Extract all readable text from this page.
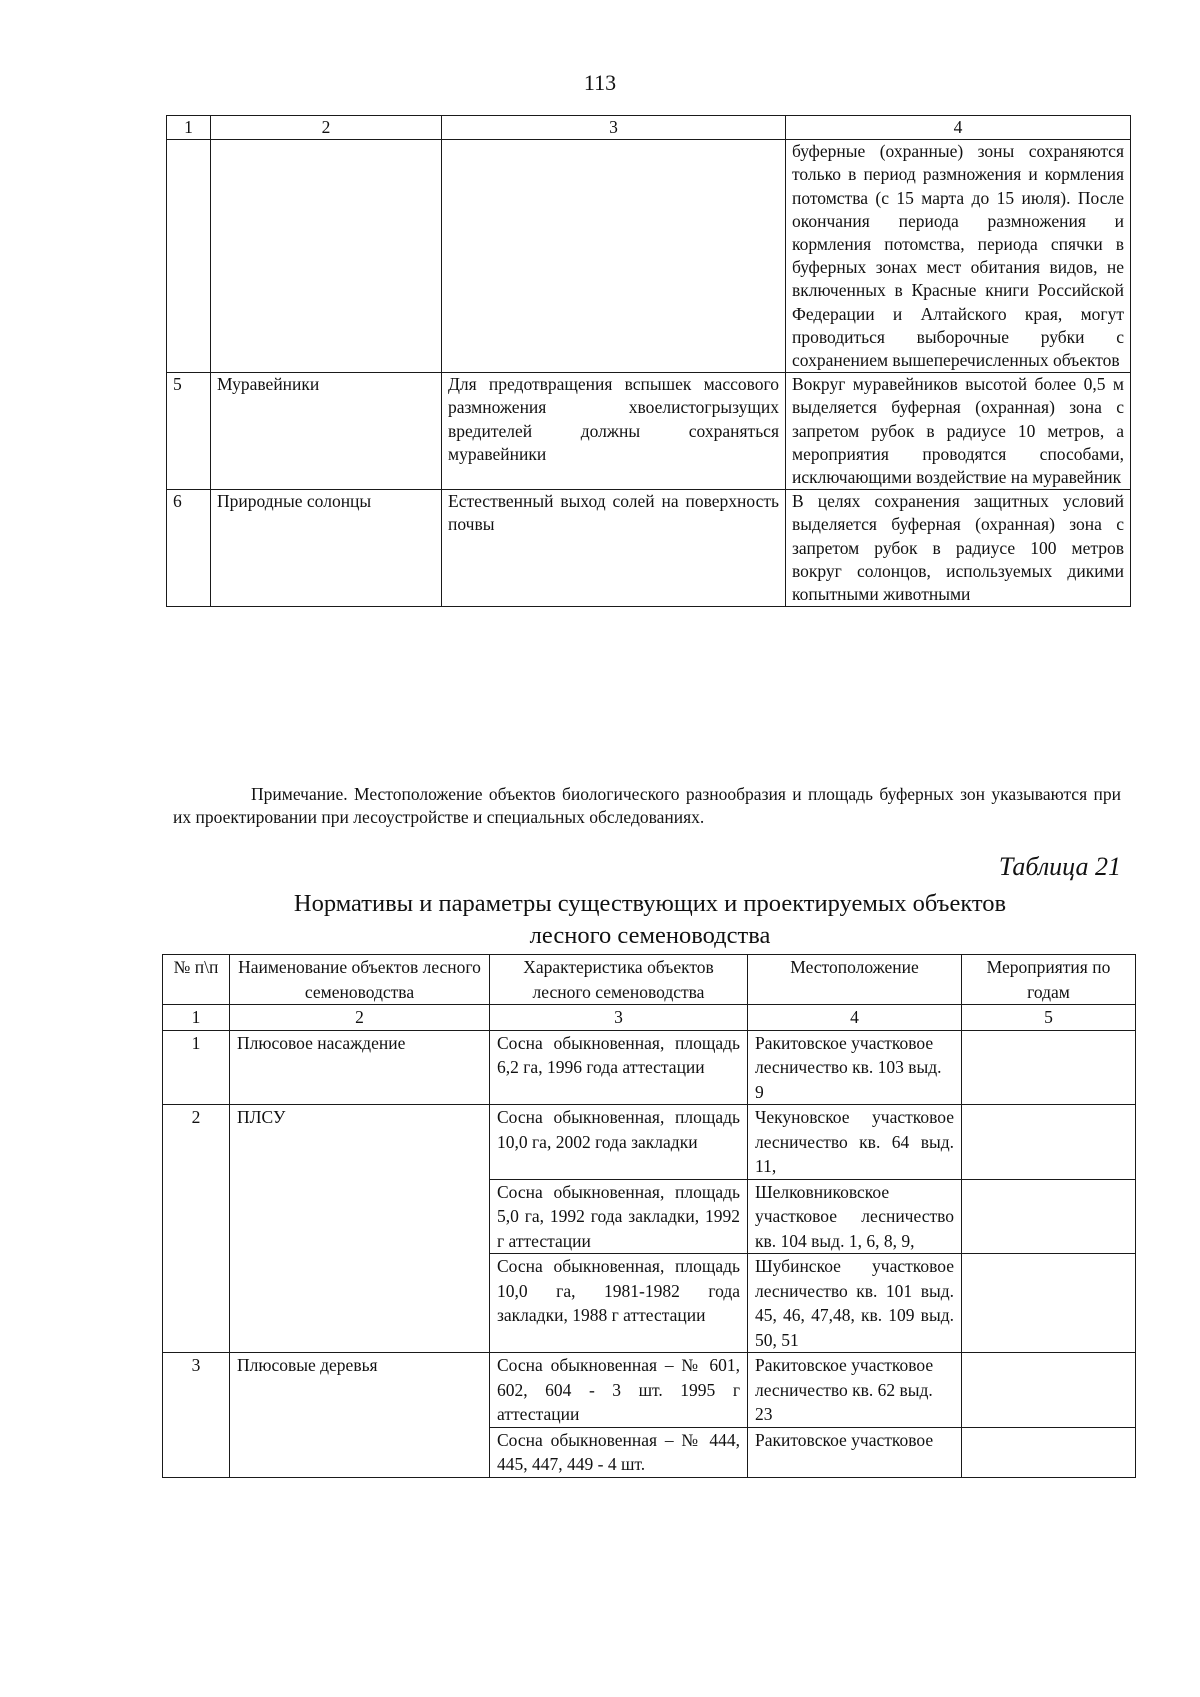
113
1	2	3	4
			буферные (охранные) зоны сохраняются только в период размножения и кормления потомства (с 15 марта до 15 июля). После окончания периода размножения и кормления потомства, периода спячки в буферных зонах мест обитания видов, не включенных в Красные книги Российской Федерации и Алтайского края, могут проводиться выборочные рубки с сохранением вышеперечисленных объектов
5	Муравейники	Для предотвращения вспышек массового размножения хвоелистогрызущих вредителей должны сохраняться муравейники	Вокруг муравейников высотой более 0,5 м выделяется буферная (охранная) зона с запретом рубок в радиусе 10 метров, а мероприятия проводятся способами, исключающими воздействие на муравейник
6	Природные солонцы	Естественный выход солей на поверхность почвы	В целях сохранения защитных условий выделяется буферная (охранная) зона с запретом рубок в радиусе 100 метров вокруг солонцов, используемых дикими копытными животными

Примечание. Местоположение объектов биологического разнообразия и площадь буферных зон указываются при их проектировании при лесоустройстве и специальных обследованиях.

Таблица 21
Нормативы и параметры существующих и проектируемых объектов
лесного семеноводства
№ п\п	Наименование объектов лесного семеноводства	Характеристика объектов лесного семеноводства	Местоположение	Мероприятия по годам
1	2	3	4	5
1	Плюсовое насаждение	Сосна обыкновенная, площадь 6,2 га, 1996 года аттестации	Ракитовское участковое лесничество кв. 103 выд. 9	
2	ПЛСУ	Сосна обыкновенная, площадь 10,0 га, 2002 года закладки	Чекуновское участковое лесничество кв. 64 выд. 11,	
		Сосна обыкновенная, площадь 5,0 га, 1992 года закладки, 1992 г аттестации	Шелковниковское участковое лесничество кв. 104 выд. 1, 6, 8, 9,	
		Сосна обыкновенная, площадь 10,0 га, 1981-1982 года закладки, 1988 г аттестации	Шубинское участковое лесничество кв. 101 выд. 45, 46, 47,48, кв. 109 выд. 50, 51	
3	Плюсовые деревья	Сосна обыкновенная – № 601, 602, 604 - 3 шт. 1995 г аттестации	Ракитовское участковое лесничество кв. 62 выд. 23	
		Сосна обыкновенная – № 444, 445, 447, 449 - 4 шт.	Ракитовское участковое	
